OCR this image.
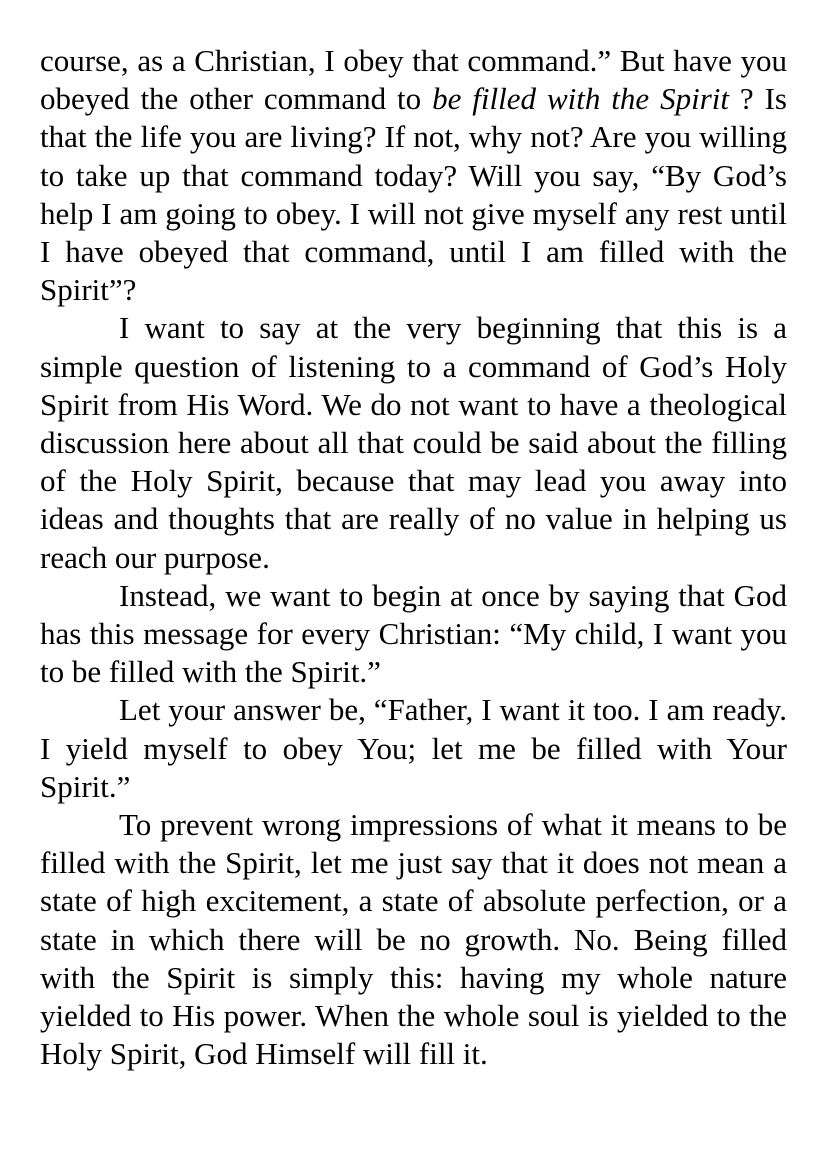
course, as a Christian, I obey that command.” But have you obeyed the other command to be filled with the Spirit ? Is that the life you are living? If not, why not? Are you willing to take up that command today? Will you say, “By God’s help I am going to obey. I will not give myself any rest until I have obeyed that command, until I am filled with the Spirit”?

I want to say at the very beginning that this is a simple question of listening to a command of God’s Holy Spirit from His Word. We do not want to have a theological discussion here about all that could be said about the filling of the Holy Spirit, because that may lead you away into ideas and thoughts that are really of no value in helping us reach our purpose.

Instead, we want to begin at once by saying that God has this message for every Christian: “My child, I want you to be filled with the Spirit.”

Let your answer be, “Father, I want it too. I am ready. I yield myself to obey You; let me be filled with Your Spirit.”

To prevent wrong impressions of what it means to be filled with the Spirit, let me just say that it does not mean a state of high excitement, a state of absolute perfection, or a state in which there will be no growth. No. Being filled with the Spirit is simply this: having my whole nature yielded to His power. When the whole soul is yielded to the Holy Spirit, God Himself will fill it.
